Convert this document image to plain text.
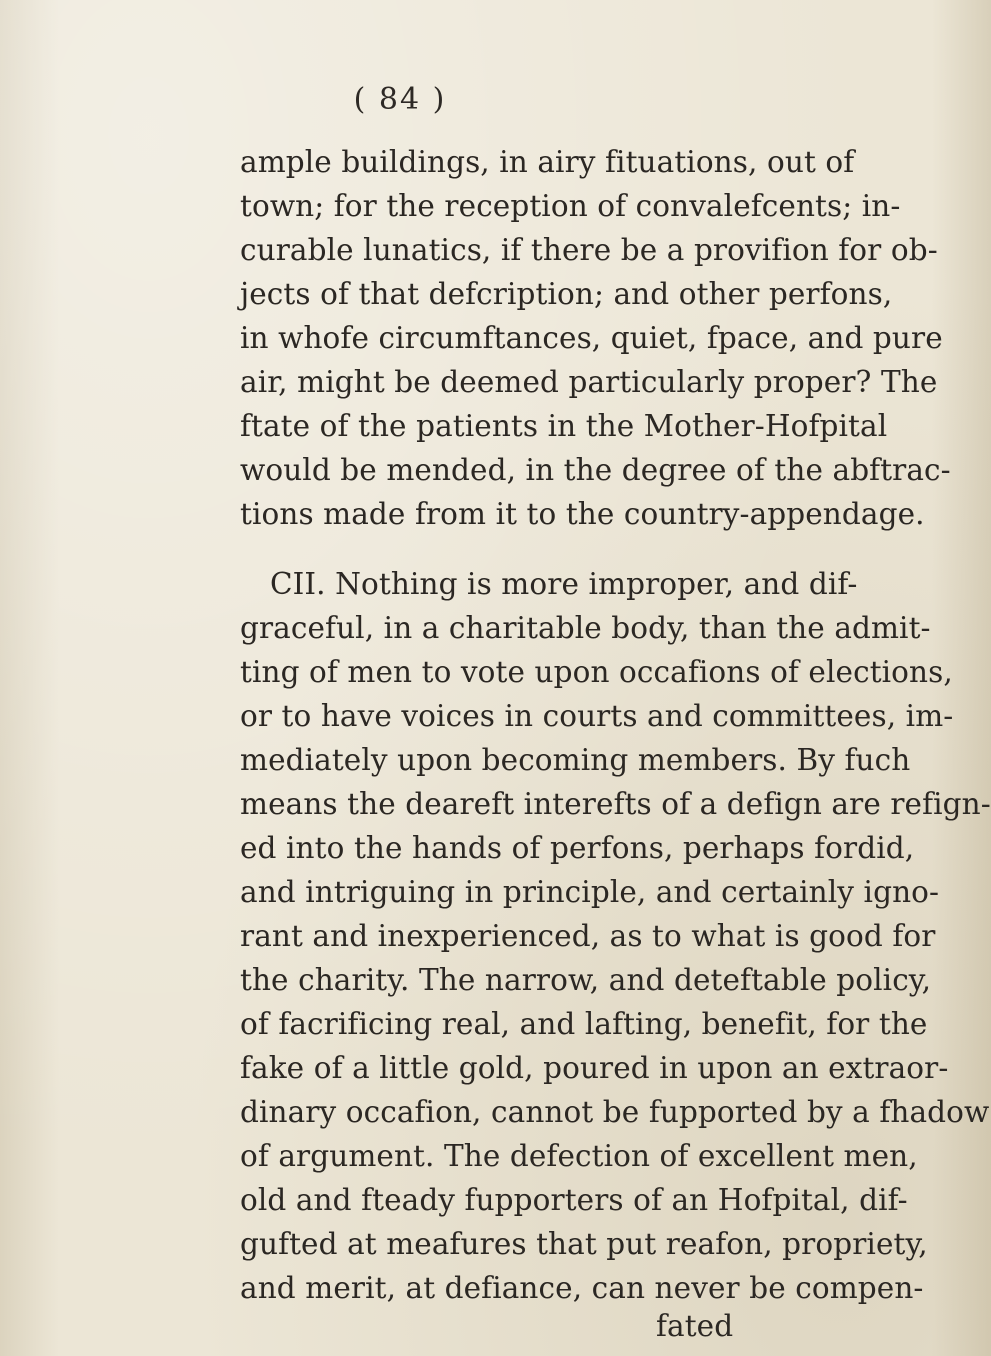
( 84 )
ample buildings, in airy fituations, out of
town; for the reception of convalefcents; in-
curable lunatics, if there be a provifion for ob-
jects of that defcription; and other perfons,
in whofe circumftances, quiet, fpace, and pure
air, might be deemed particularly proper? The
ftate of the patients in the Mother-Hofpital
would be mended, in the degree of the abftrac-
tions made from it to the country-appendage.
CII. Nothing is more improper, and dif-
graceful, in a charitable body, than the admit-
ting of men to vote upon occafions of elections,
or to have voices in courts and committees, im-
mediately upon becoming members. By fuch
means the deareft interefts of a defign are refign-
ed into the hands of perfons, perhaps fordid,
and intriguing in principle, and certainly igno-
rant and inexperienced, as to what is good for
the charity. The narrow, and deteftable policy,
of facrificing real, and lafting, benefit, for the
fake of a little gold, poured in upon an extraor-
dinary occafion, cannot be fupported by a fhadow
of argument. The defection of excellent men,
old and fteady fupporters of an Hofpital, dif-
gufted at meafures that put reafon, propriety,
and merit, at defiance, can never be compen-
fated
